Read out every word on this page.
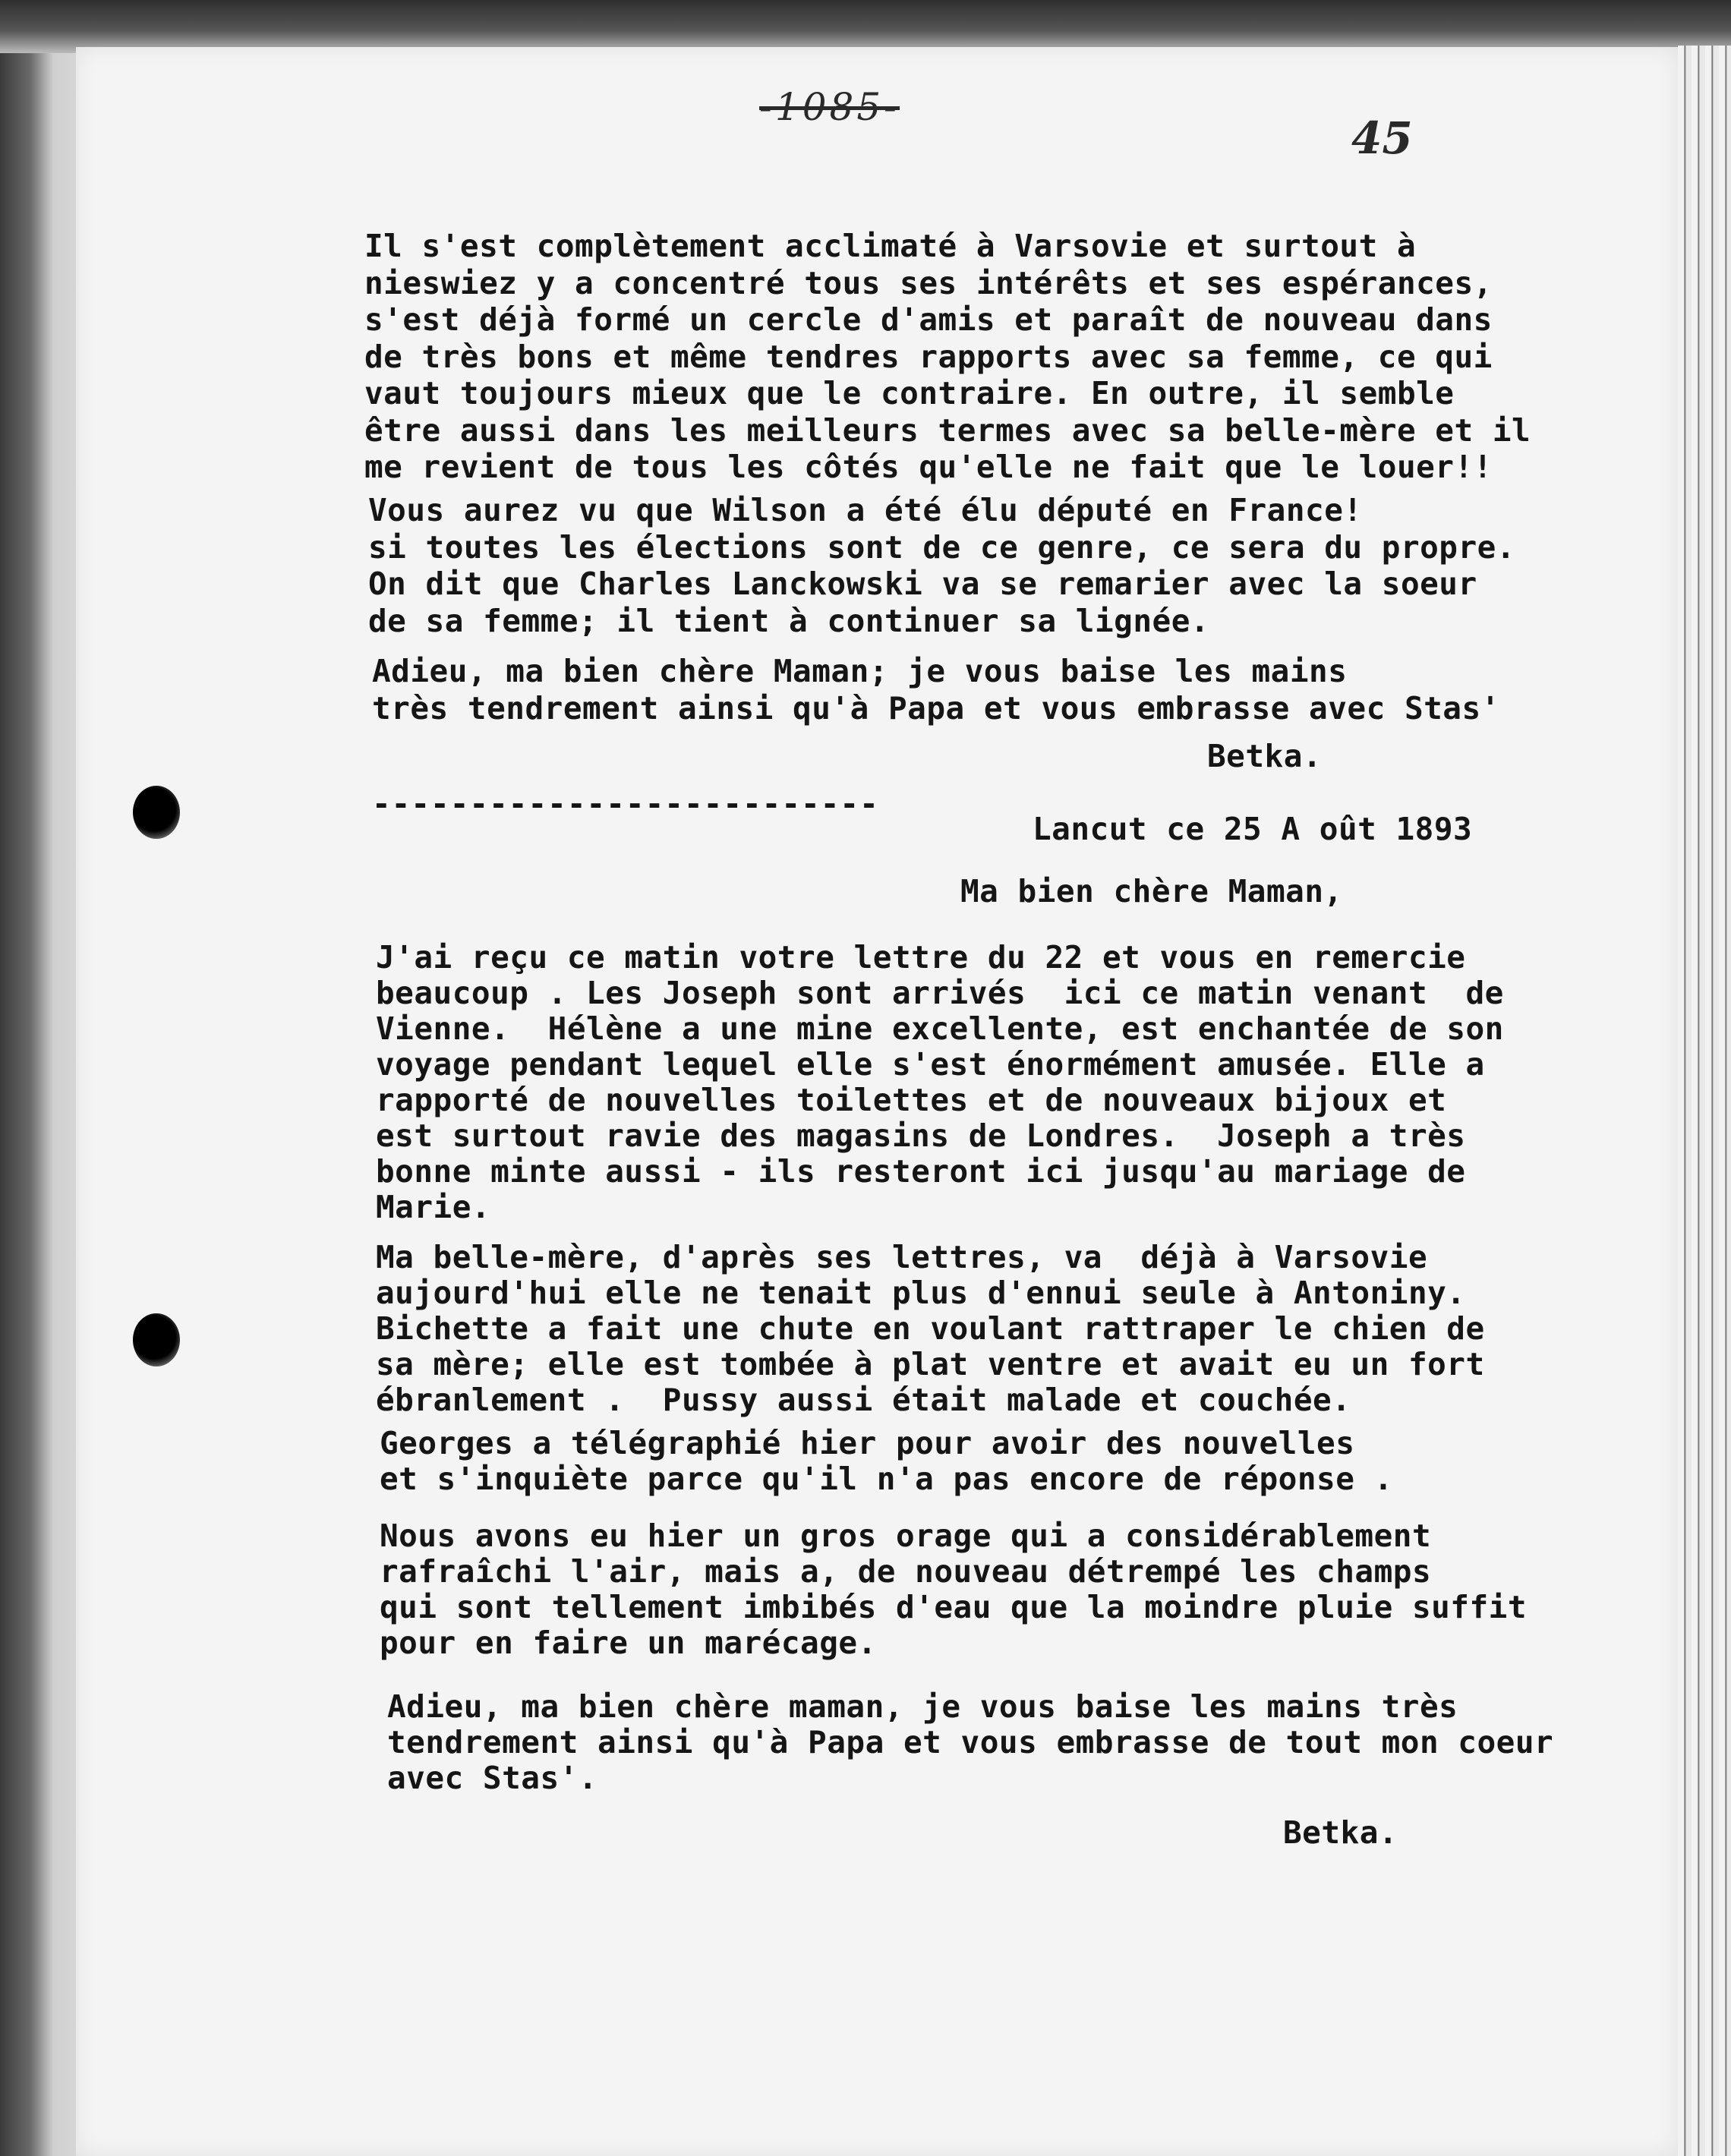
-1085-
45
Il s'est complètement acclimaté à Varsovie et surtout à
nieswiez y a concentré tous ses intérêts et ses espérances,
s'est déjà formé un cercle d'amis et paraît de nouveau dans
de très bons et même tendres rapports avec sa femme, ce qui
vaut toujours mieux que le contraire. En outre, il semble
être aussi dans les meilleurs termes avec sa belle-mère et il
me revient de tous les côtés qu'elle ne fait que le louer!!
Vous aurez vu que Wilson a été élu député en France!
si toutes les élections sont de ce genre, ce sera du propre.
On dit que Charles Lanckowski va se remarier avec la soeur
de sa femme; il tient à continuer sa lignée.
Adieu, ma bien chère Maman; je vous baise les mains
très tendrement ainsi qu'à Papa et vous embrasse avec Stas'
Betka.
--------------------------
Lancut ce 25 A oût 1893
Ma bien chère Maman,
J'ai reçu ce matin votre lettre du 22 et vous en remercie
beaucoup . Les Joseph sont arrivés  ici ce matin venant  de
Vienne.  Hélène a une mine excellente, est enchantée de son
voyage pendant lequel elle s'est énormément amusée. Elle a
rapporté de nouvelles toilettes et de nouveaux bijoux et
est surtout ravie des magasins de Londres.  Joseph a très
bonne minte aussi - ils resteront ici jusqu'au mariage de
Marie.
Ma belle-mère, d'après ses lettres, va  déjà à Varsovie
aujourd'hui elle ne tenait plus d'ennui seule à Antoniny.
Bichette a fait une chute en voulant rattraper le chien de
sa mère; elle est tombée à plat ventre et avait eu un fort
ébranlement .  Pussy aussi était malade et couchée.
Georges a télégraphié hier pour avoir des nouvelles
et s'inquiète parce qu'il n'a pas encore de réponse .
Nous avons eu hier un gros orage qui a considérablement
rafraîchi l'air, mais a, de nouveau détrempé les champs
qui sont tellement imbibés d'eau que la moindre pluie suffit
pour en faire un marécage.
Adieu, ma bien chère maman, je vous baise les mains très
tendrement ainsi qu'à Papa et vous embrasse de tout mon coeur
avec Stas'.
Betka.
